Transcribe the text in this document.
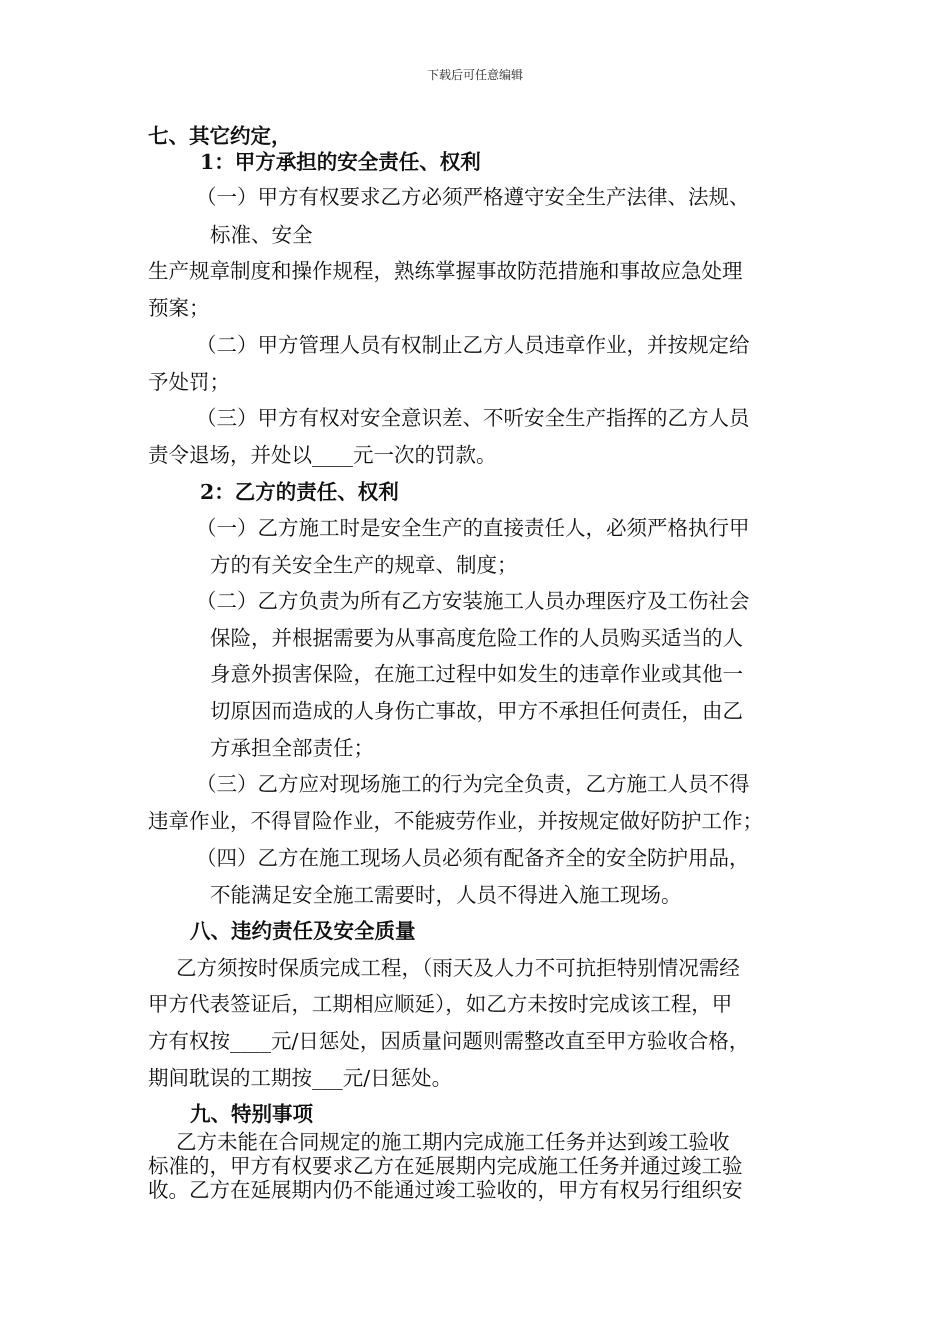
下载后可任意编辑
七、其它约定，
1：甲方承担的安全责任、权利
（一）甲方有权要求乙方必须严格遵守安全生产法律、法规、
标准、安全
生产规章制度和操作规程，熟练掌握事故防范措施和事故应急处理
预案；
（二）甲方管理人员有权制止乙方人员违章作业，并按规定给
予处罚；
（三）甲方有权对安全意识差、不听安全生产指挥的乙方人员
责令退场，并处以____元一次的罚款。
2：乙方的责任、权利
（一）乙方施工时是安全生产的直接责任人，必须严格执行甲
方的有关安全生产的规章、制度；
（二）乙方负责为所有乙方安装施工人员办理医疗及工伤社会
保险，并根据需要为从事高度危险工作的人员购买适当的人
身意外损害保险，在施工过程中如发生的违章作业或其他一
切原因而造成的人身伤亡事故，甲方不承担任何责任，由乙
方承担全部责任；
（三）乙方应对现场施工的行为完全负责，乙方施工人员不得
违章作业，不得冒险作业，不能疲劳作业，并按规定做好防护工作；
（四）乙方在施工现场人员必须有配备齐全的安全防护用品，
不能满足安全施工需要时，人员不得进入施工现场。
八、违约责任及安全质量
乙方须按时保质完成工程，（雨天及人力不可抗拒特别情况需经
甲方代表签证后，工期相应顺延），如乙方未按时完成该工程，甲
方有权按____元/日惩处，因质量问题则需整改直至甲方验收合格，
期间耽误的工期按___元/日惩处。
九、特别事项
乙方未能在合同规定的施工期内完成施工任务并达到竣工验收
标准的，甲方有权要求乙方在延展期内完成施工任务并通过竣工验
收。乙方在延展期内仍不能通过竣工验收的，甲方有权另行组织安
